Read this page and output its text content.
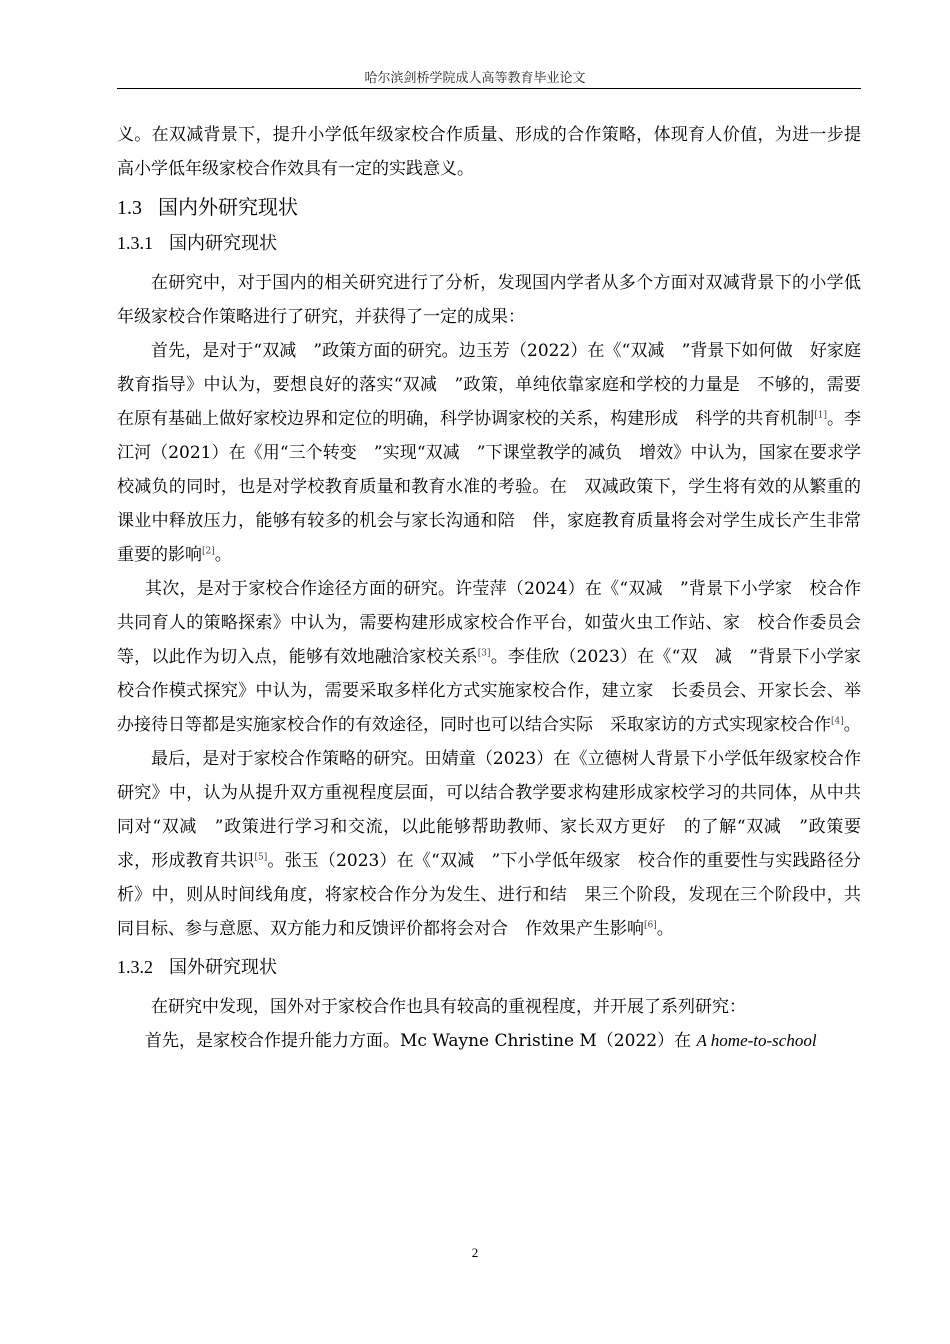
哈尔滨剑桥学院成人高等教育毕业论文

义。在双减背景下，提升小学低年级家校合作质量、形成的合作策略，体现育人价值，为进一步提高小学低年级家校合作效具有一定的实践意义。

1.3 国内外研究现状
1.3.1 国内研究现状

在研究中，对于国内的相关研究进行了分析，发现国内学者从多个方面对双减背景下的小学低年级家校合作策略进行了研究，并获得了一定的成果：

首先，是对于“双减　”政策方面的研究。边玉芳（2022）在《“双减　”背景下如何做　好家庭教育指导》中认为，要想良好的落实“双减　”政策，单纯依靠家庭和学校的力量是　不够的，需要在原有基础上做好家校边界和定位的明确，科学协调家校的关系，构建形成　科学的共育机制[1]。李江河（2021）在《用“三个转变　”实现“双减　”下课堂教学的减负　增效》中认为，国家在要求学校减负的同时，也是对学校教育质量和教育水准的考验。在　双减政策下，学生将有效的从繁重的课业中释放压力，能够有较多的机会与家长沟通和陪　伴，家庭教育质量将会对学生成长产生非常重要的影响[2]。

其次，是对于家校合作途径方面的研究。许莹萍（2024）在《“双减　”背景下小学家　校合作共同育人的策略探索》中认为，需要构建形成家校合作平台，如萤火虫工作站、家　校合作委员会等，以此作为切入点，能够有效地融洽家校关系[3]。李佳欣（2023）在《“双　减　”背景下小学家校合作模式探究》中认为，需要采取多样化方式实施家校合作，建立家　长委员会、开家长会、举办接待日等都是实施家校合作的有效途径，同时也可以结合实际　采取家访的方式实现家校合作[4]。

最后，是对于家校合作策略的研究。田婧童（2023）在《立德树人背景下小学低年级家校合作研究》中，认为从提升双方重视程度层面，可以结合教学要求构建形成家校学习的共同体，从中共同对“双减　”政策进行学习和交流，以此能够帮助教师、家长双方更好　的了解“双减　”政策要求，形成教育共识[5]。张玉（2023）在《“双减　”下小学低年级家　校合作的重要性与实践路径分析》中，则从时间线角度，将家校合作分为发生、进行和结　果三个阶段，发现在三个阶段中，共同目标、参与意愿、双方能力和反馈评价都将会对合　作效果产生影响[6]。

1.3.2 国外研究现状

在研究中发现，国外对于家校合作也具有较高的重视程度，并开展了系列研究：

首先，是家校合作提升能力方面。Mc Wayne Christine M（2022）在 A home-to-school

2
